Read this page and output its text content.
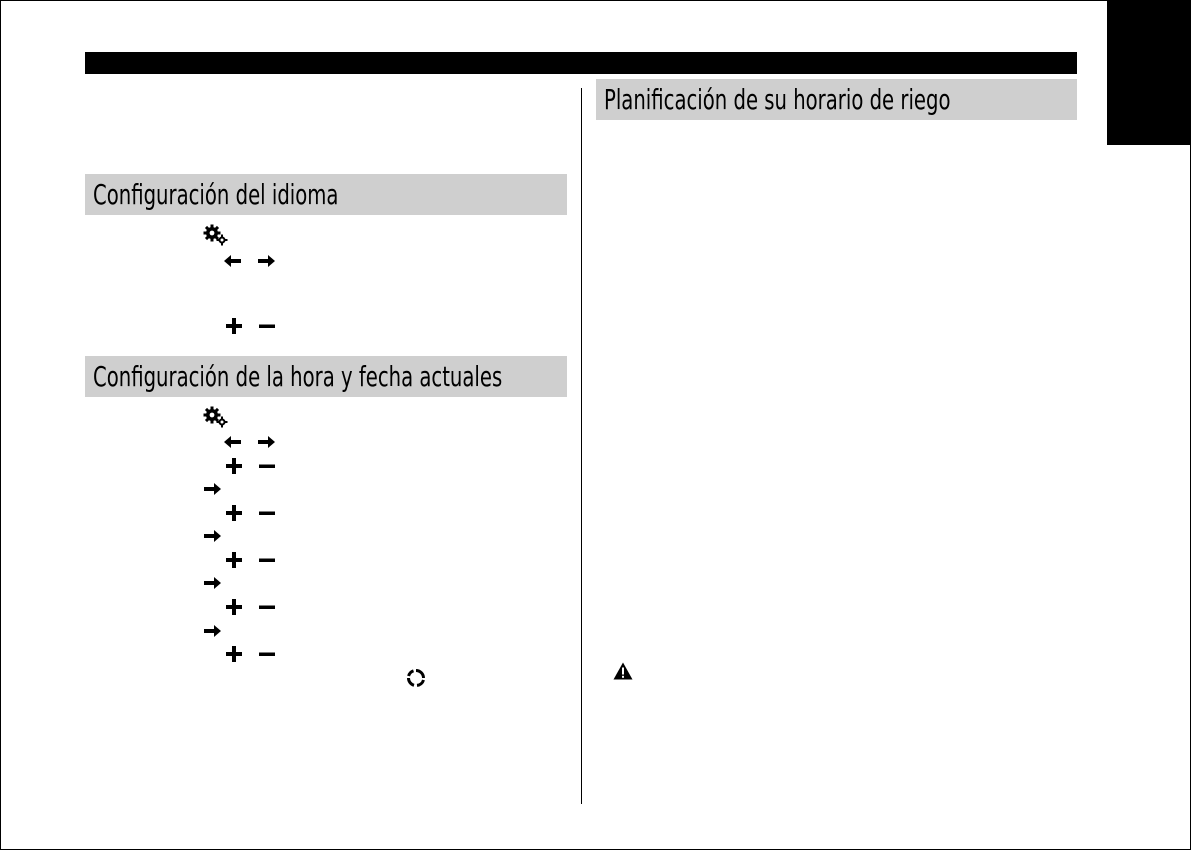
Configuración del idioma
Configuración de la hora y fecha actuales
Planificación de su horario de riego
